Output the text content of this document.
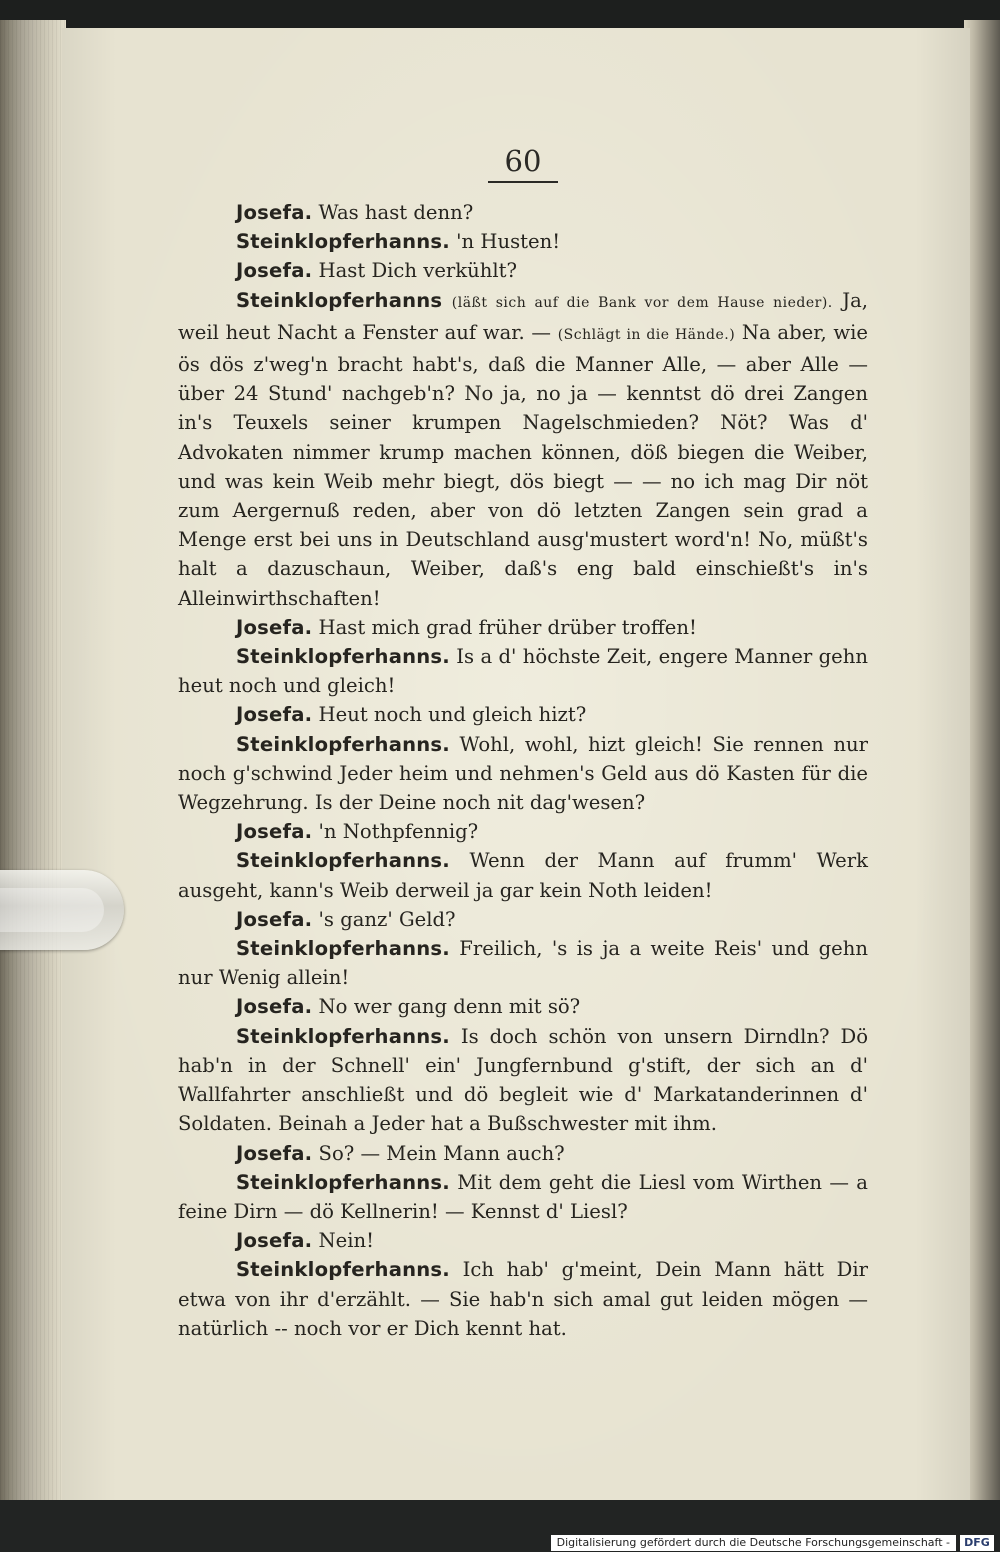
60

Josefa. Was hast denn?

Steinklopferhanns. 'n Husten!

Josefa. Hast Dich verkühlt?

Steinklopferhanns (läßt sich auf die Bank vor dem Hause nieder). Ja, weil heut Nacht a Fenster auf war. — (Schlägt in die Hände.) Na aber, wie ös dös z'weg'n bracht habt's, daß die Manner Alle, — aber Alle — über 24 Stund' nachgeb'n? No ja, no ja — kenntst dö drei Zangen in's Teuxels seiner krumpen Nagelschmieden? Nöt? Was d' Advokaten nimmer krump machen können, döß biegen die Weiber, und was kein Weib mehr biegt, dös biegt — — no ich mag Dir nöt zum Aergernuß reden, aber von dö letzten Zangen sein grad a Menge erst bei uns in Deutschland ausg'mustert word'n! No, müßt's halt a dazuschaun, Weiber, daß's eng bald einschießt's in's Alleinwirthschaften!

Josefa. Hast mich grad früher drüber troffen!

Steinklopferhanns. Is a d' höchste Zeit, engere Manner gehn heut noch und gleich!

Josefa. Heut noch und gleich hizt?

Steinklopferhanns. Wohl, wohl, hizt gleich! Sie rennen nur noch g'schwind Jeder heim und nehmen's Geld aus dö Kasten für die Wegzehrung. Is der Deine noch nit dag'wesen?

Josefa. 'n Nothpfennig?

Steinklopferhanns. Wenn der Mann auf frumm' Werk ausgeht, kann's Weib derweil ja gar kein Noth leiden!

Josefa. 's ganz' Geld?

Steinklopferhanns. Freilich, 's is ja a weite Reis' und gehn nur Wenig allein!

Josefa. No wer gang denn mit sö?

Steinklopferhanns. Is doch schön von unsern Dirndln? Dö hab'n in der Schnell' ein' Jungfernbund g'stift, der sich an d' Wallfahrter anschließt und dö begleit wie d' Markatanderinnen d' Soldaten. Beinah a Jeder hat a Bußschwester mit ihm.

Josefa. So? — Mein Mann auch?

Steinklopferhanns. Mit dem geht die Liesl vom Wirthen — a feine Dirn — dö Kellnerin! — Kennst d' Liesl?

Josefa. Nein!

Steinklopferhanns. Ich hab' g'meint, Dein Mann hätt Dir etwa von ihr d'erzählt. — Sie hab'n sich amal gut leiden mögen — natürlich -- noch vor er Dich kennt hat.

Digitalisierung gefördert durch die Deutsche Forschungsgemeinschaft -	DFG
